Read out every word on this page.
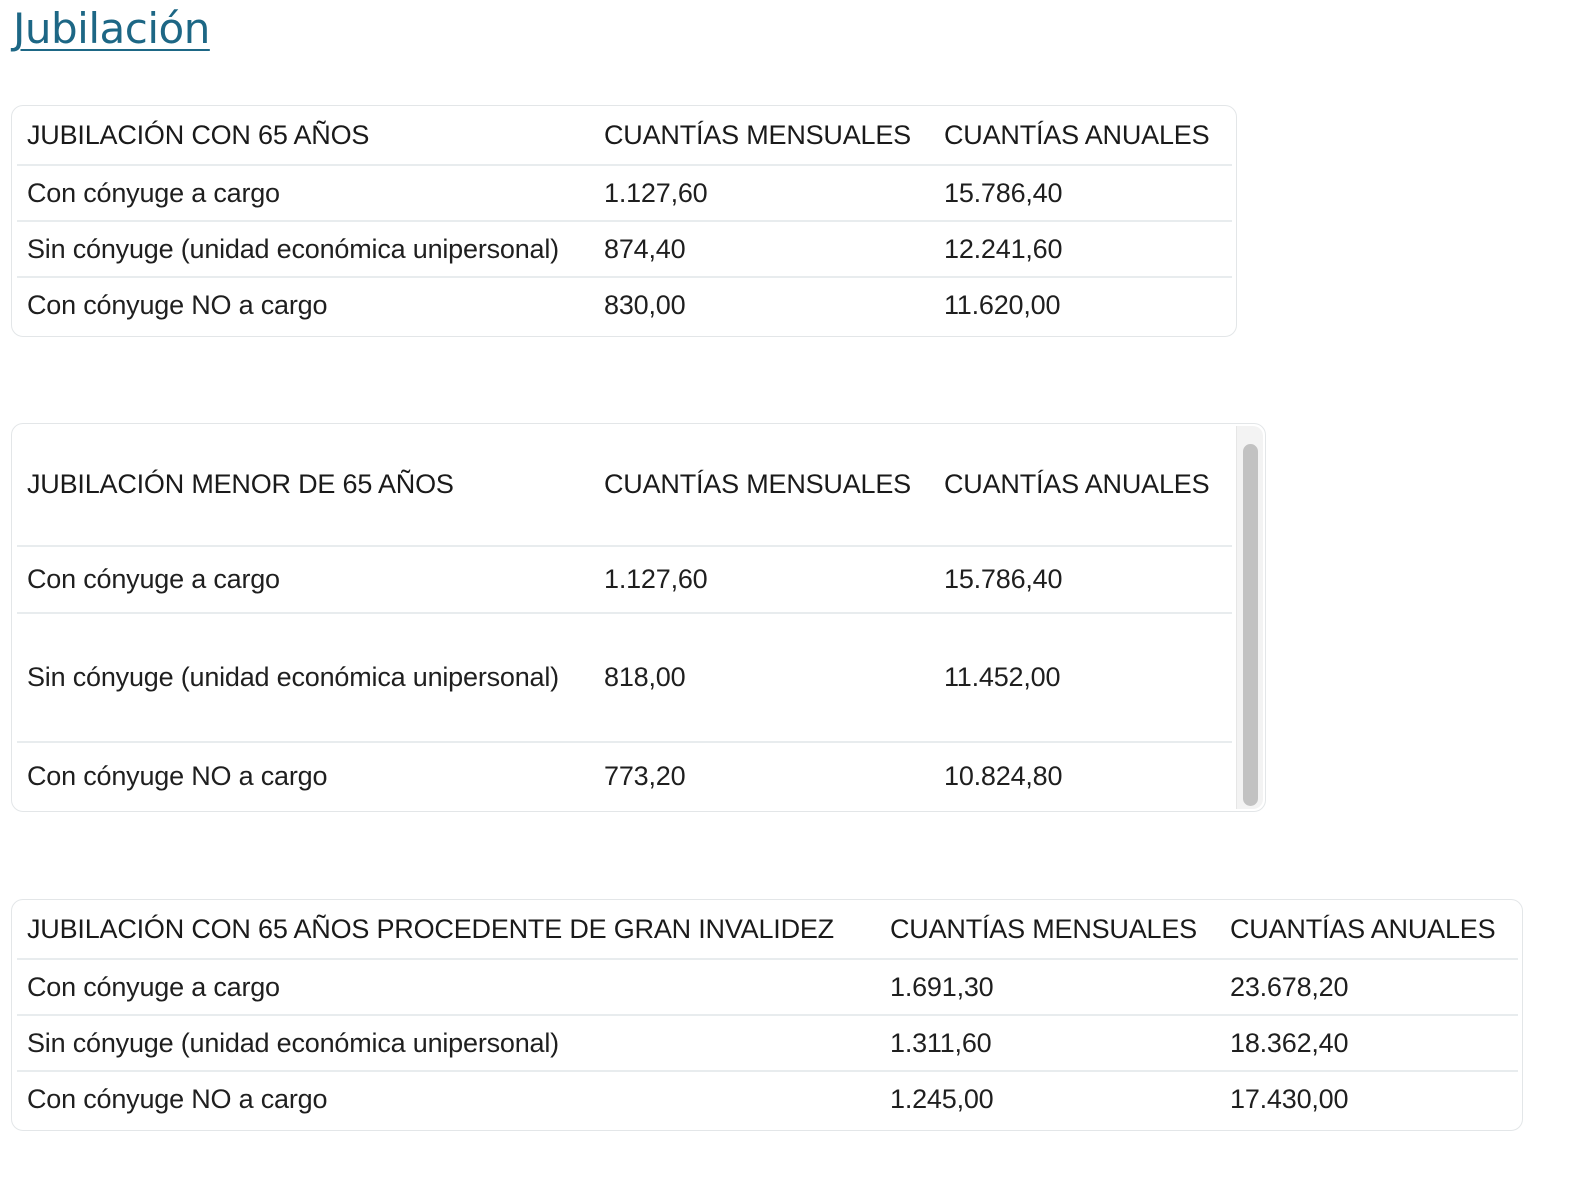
Jubilación
JUBILACIÓN CON 65 AÑOS	CUANTÍAS MENSUALES	CUANTÍAS ANUALES
Con cónyuge a cargo	1.127,60	15.786,40
Sin cónyuge (unidad económica unipersonal)	874,40	12.241,60
Con cónyuge NO a cargo	830,00	11.620,00
JUBILACIÓN MENOR DE 65 AÑOS	CUANTÍAS MENSUALES	CUANTÍAS ANUALES
Con cónyuge a cargo	1.127,60	15.786,40
Sin cónyuge (unidad económica unipersonal)	818,00	11.452,00
Con cónyuge NO a cargo	773,20	10.824,80
JUBILACIÓN CON 65 AÑOS PROCEDENTE DE GRAN INVALIDEZ	CUANTÍAS MENSUALES	CUANTÍAS ANUALES
Con cónyuge a cargo	1.691,30	23.678,20
Sin cónyuge (unidad económica unipersonal)	1.311,60	18.362,40
Con cónyuge NO a cargo	1.245,00	17.430,00
